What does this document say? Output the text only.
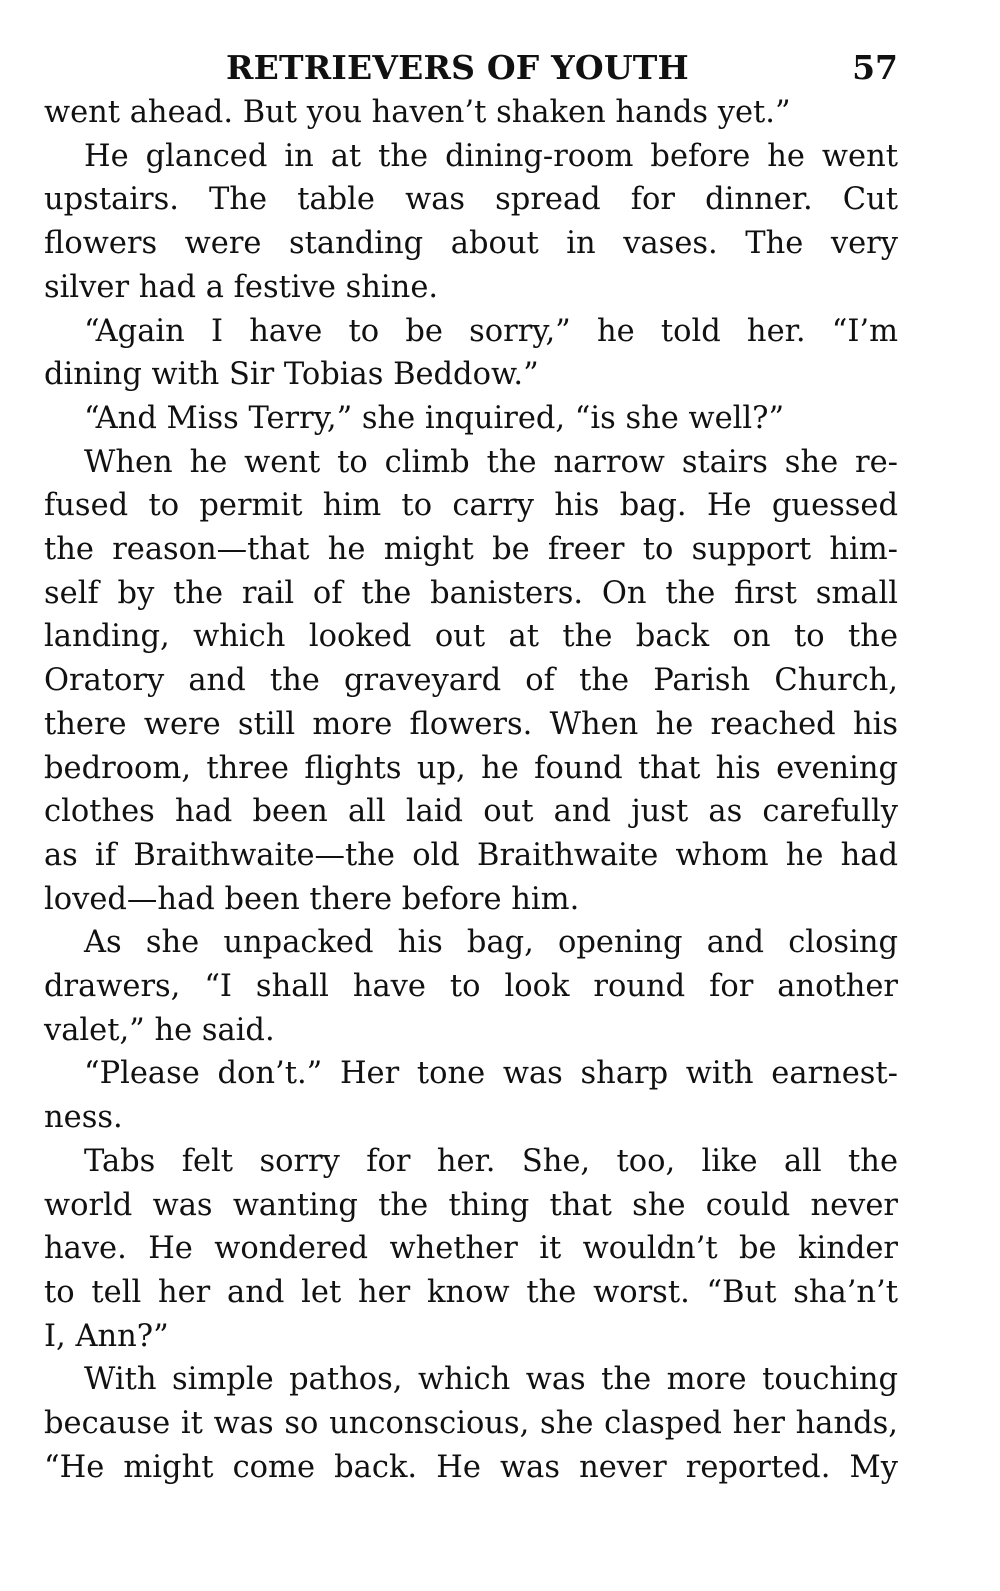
RETRIEVERS OF YOUTH	57

went ahead. But you haven’t shaken hands yet.”

He glanced in at the dining-room before he went
upstairs. The table was spread for dinner. Cut
flowers were standing about in vases. The very
silver had a festive shine.

“Again I have to be sorry,” he told her. “I’m
dining with Sir Tobias Beddow.”

“And Miss Terry,” she inquired, “is she well?”

When he went to climb the narrow stairs she re-
fused to permit him to carry his bag. He guessed
the reason—that he might be freer to support him-
self by the rail of the banisters. On the first small
landing, which looked out at the back on to the
Oratory and the graveyard of the Parish Church,
there were still more flowers. When he reached his
bedroom, three flights up, he found that his evening
clothes had been all laid out and just as carefully
as if Braithwaite—the old Braithwaite whom he had
loved—had been there before him.

As she unpacked his bag, opening and closing
drawers, “I shall have to look round for another
valet,” he said.

“Please don’t.” Her tone was sharp with earnest-
ness.

Tabs felt sorry for her. She, too, like all the
world was wanting the thing that she could never
have. He wondered whether it wouldn’t be kinder
to tell her and let her know the worst. “But sha’n’t
I, Ann?”

With simple pathos, which was the more touching
because it was so unconscious, she clasped her hands,
“He might come back. He was never reported. My
